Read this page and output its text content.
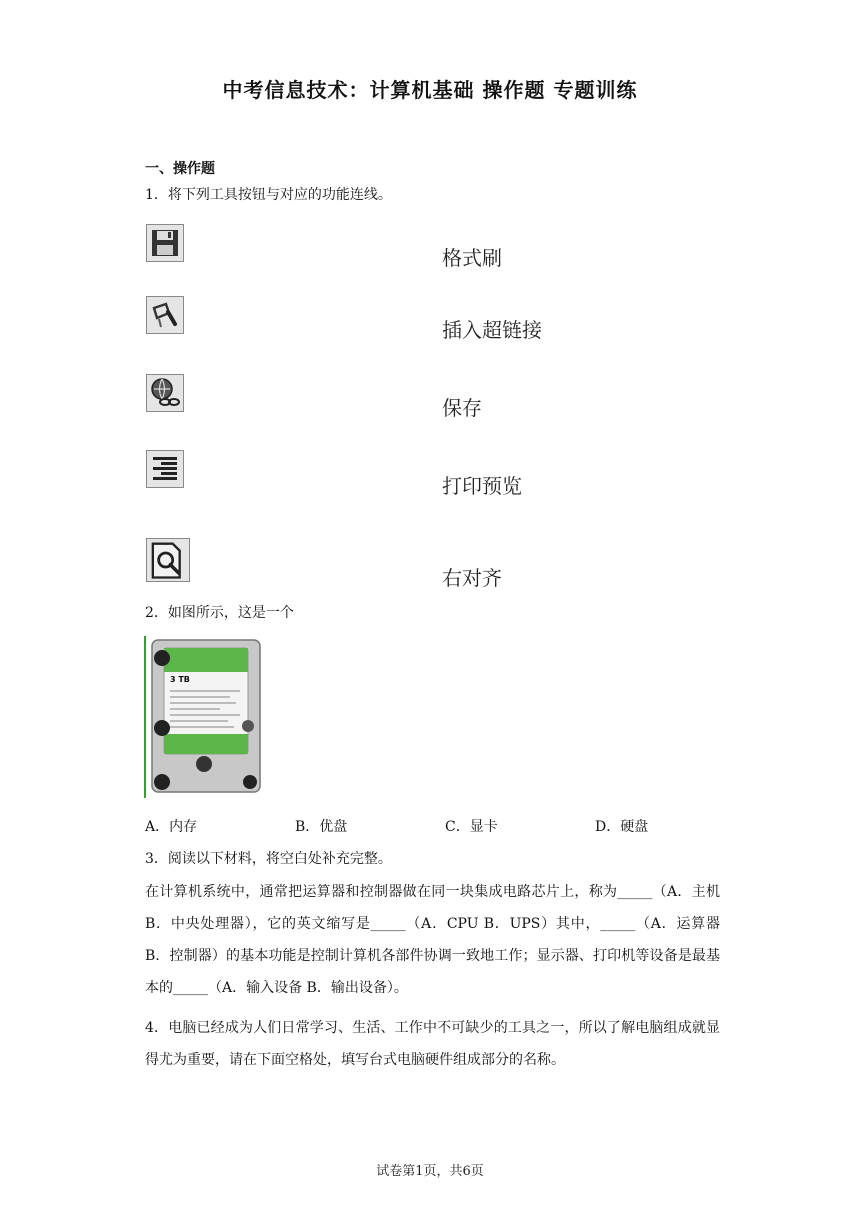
中考信息技术：计算机基础 操作题 专题训练
一、操作题
1．将下列工具按钮与对应的功能连线。
格式刷
插入超链接
保存
打印预览
右对齐
2．如图所示，这是一个
3 TB
A．内存	B．优盘	C．显卡	D．硬盘
3．阅读以下材料，将空白处补充完整。
在计算机系统中，通常把运算器和控制器做在同一块集成电路芯片上，称为_____（A．主机 B．中央处理器），它的英文缩写是_____（A．CPU B．UPS）其中，_____（A．运算器 B．控制器）的基本功能是控制计算机各部件协调一致地工作；显示器、打印机等设备是最基本的_____（A．输入设备 B．输出设备）。
4．电脑已经成为人们日常学习、生活、工作中不可缺少的工具之一，所以了解电脑组成就显得尤为重要，请在下面空格处，填写台式电脑硬件组成部分的名称。
试卷第1页，共6页
